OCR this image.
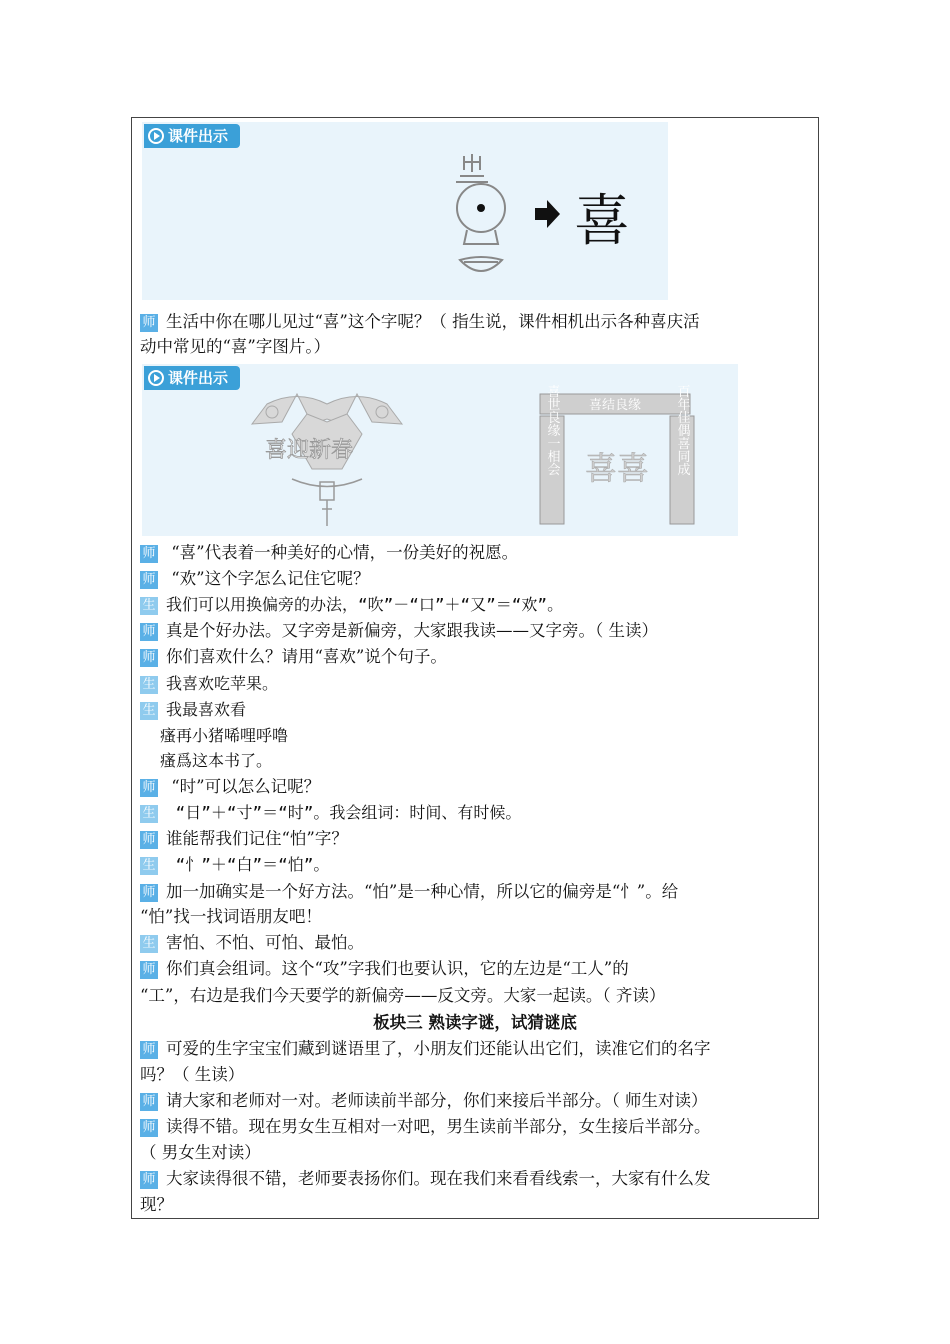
课件出示
喜
师 生活中你在哪儿见过“喜”这个字呢？（ 指生说，课件相机出示各种喜庆活
动中常见的“喜”字图片。）
课件出示
喜迎新春
喜结良缘
喜世良缘一相会	百年佳偶喜同成
喜喜
师 “喜”代表着一种美好的心情，一份美好的祝愿。
师 “欢”这个字怎么记住它呢？
生 我们可以用换偏旁的办法，“吹”－“口”＋“又”＝“欢”。
师 真是个好办法。又字旁是新偏旁，大家跟我读——又字旁。（ 生读）
师 你们喜欢什么？请用“喜欢”说个句子。
生 我喜欢吃苹果。
生 我最喜欢看
瘙再小猪唏哩呼噜
瘙爲这本书了。
师 “时”可以怎么记呢？
生 “日”＋“寸”＝“时”。我会组词：时间、有时候。
师 谁能帮我们记住“怕”字？
生 “忄”＋“白”＝“怕”。
师 加一加确实是一个好方法。“怕”是一种心情，所以它的偏旁是“忄”。给
“怕”找一找词语朋友吧！
生 害怕、不怕、可怕、最怕。
师 你们真会组词。这个“攻”字我们也要认识，它的左边是“工人”的
“工”，右边是我们今天要学的新偏旁——反文旁。大家一起读。（ 齐读）
板块三 熟读字谜，试猜谜底
师 可爱的生字宝宝们藏到谜语里了，小朋友们还能认出它们，读准它们的名字
吗？（ 生读）
师 请大家和老师对一对。老师读前半部分，你们来接后半部分。（ 师生对读）
师 读得不错。现在男女生互相对一对吧，男生读前半部分，女生接后半部分。
（ 男女生对读）
师 大家读得很不错，老师要表扬你们。现在我们来看看线索一，大家有什么发
现？
